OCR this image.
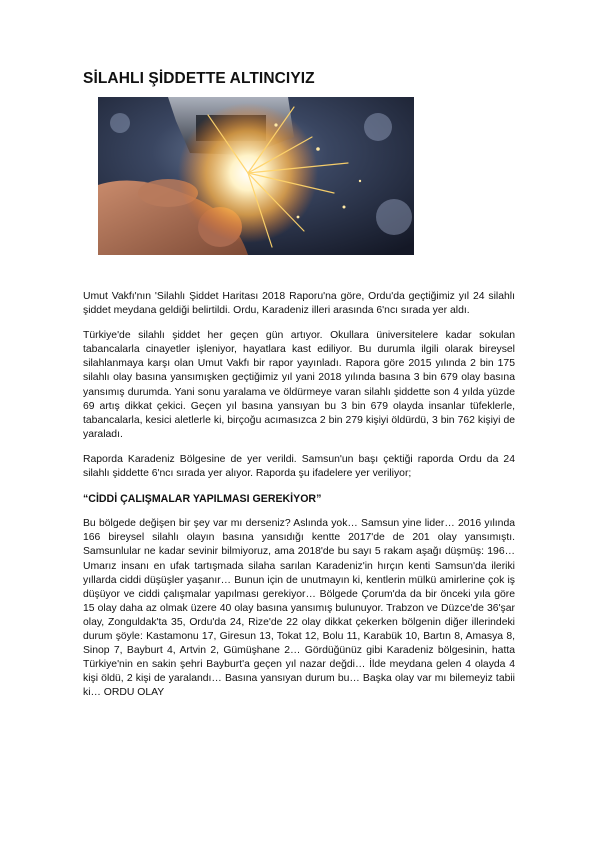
SİLAHLI ŞİDDETTE ALTINCIYIZ

Umut Vakfı'nın 'Silahlı Şiddet Haritası 2018 Raporu'na göre, Ordu'da geçtiğimiz yıl 24 silahlı şiddet meydana geldiği belirtildi. Ordu, Karadeniz illeri arasında 6'ncı sırada yer aldı.

Türkiye'de silahlı şiddet her geçen gün artıyor. Okullara üniversitelere kadar sokulan tabancalarla cinayetler işleniyor, hayatlara kast ediliyor. Bu durumla ilgili olarak bireysel silahlanmaya karşı olan Umut Vakfı bir rapor yayınladı. Rapora göre 2015 yılında 2 bin 175 silahlı olay basına yansımışken geçtiğimiz yıl yani 2018 yılında basına 3 bin 679 olay basına yansımış durumda. Yani sonu yaralama ve öldürmeye varan silahlı şiddette son 4 yılda yüzde 69 artış dikkat çekici. Geçen yıl basına yansıyan bu 3 bin 679 olayda insanlar tüfeklerle, tabancalarla, kesici aletlerle ki, birçoğu acımasızca 2 bin 279 kişiyi öldürdü, 3 bin 762 kişiyi de yaraladı.

Raporda Karadeniz Bölgesine de yer verildi. Samsun'un başı çektiği raporda Ordu da 24 silahlı şiddette 6'ncı sırada yer alıyor. Raporda şu ifadelere yer veriliyor;

“CİDDİ ÇALIŞMALAR YAPILMASI GEREKİYOR”

Bu bölgede değişen bir şey var mı derseniz? Aslında yok… Samsun yine lider… 2016 yılında 166 bireysel silahlı olayın basına yansıdığı kentte 2017'de de 201 olay yansımıştı. Samsunlular ne kadar sevinir bilmiyoruz, ama 2018'de bu sayı 5 rakam aşağı düşmüş: 196… Umarız insanı en ufak tartışmada silaha sarılan Karadeniz'in hırçın kenti Samsun'da ileriki yıllarda ciddi düşüşler yaşanır… Bunun için de unutmayın ki, kentlerin mülkü amirlerine çok iş düşüyor ve ciddi çalışmalar yapılması gerekiyor… Bölgede Çorum'da da bir önceki yıla göre 15 olay daha az olmak üzere 40 olay basına yansımış bulunuyor. Trabzon ve Düzce'de 36'şar olay, Zonguldak'ta 35, Ordu'da 24, Rize'de 22 olay dikkat çekerken bölgenin diğer illerindeki durum şöyle: Kastamonu 17, Giresun 13, Tokat 12, Bolu 11, Karabük 10, Bartın 8, Amasya 8, Sinop 7, Bayburt 4, Artvin 2, Gümüşhane 2… Gördüğünüz gibi Karadeniz bölgesinin, hatta Türkiye'nin en sakin şehri Bayburt'a geçen yıl nazar değdi… İlde meydana gelen 4 olayda 4 kişi öldü, 2 kişi de yaralandı… Basına yansıyan durum bu… Başka olay var mı bilemeyiz tabii ki… ORDU OLAY
